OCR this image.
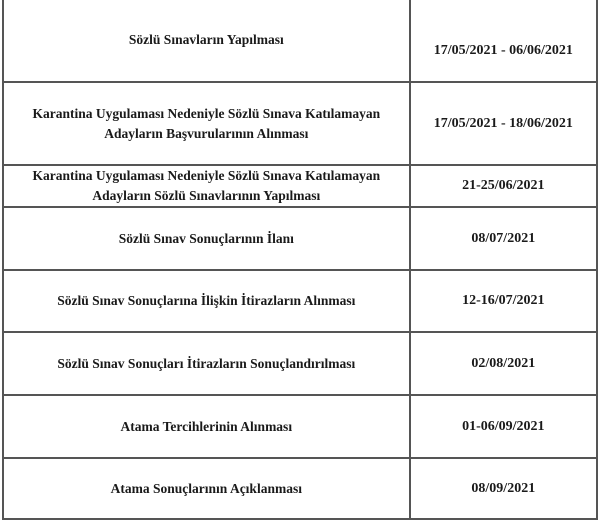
Sözlü Sınavların Yapılması	17/05/2021 - 06/06/2021
Karantina Uygulaması Nedeniyle Sözlü Sınava Katılamayan Adayların Başvurularının Alınması	17/05/2021 - 18/06/2021
Karantina Uygulaması Nedeniyle Sözlü Sınava Katılamayan Adayların Sözlü Sınavlarının Yapılması	21-25/06/2021
Sözlü Sınav Sonuçlarının İlanı	08/07/2021
Sözlü Sınav Sonuçlarına İlişkin İtirazların Alınması	12-16/07/2021
Sözlü Sınav Sonuçları İtirazların Sonuçlandırılması	02/08/2021
Atama Tercihlerinin Alınması	01-06/09/2021
Atama Sonuçlarının Açıklanması	08/09/2021
